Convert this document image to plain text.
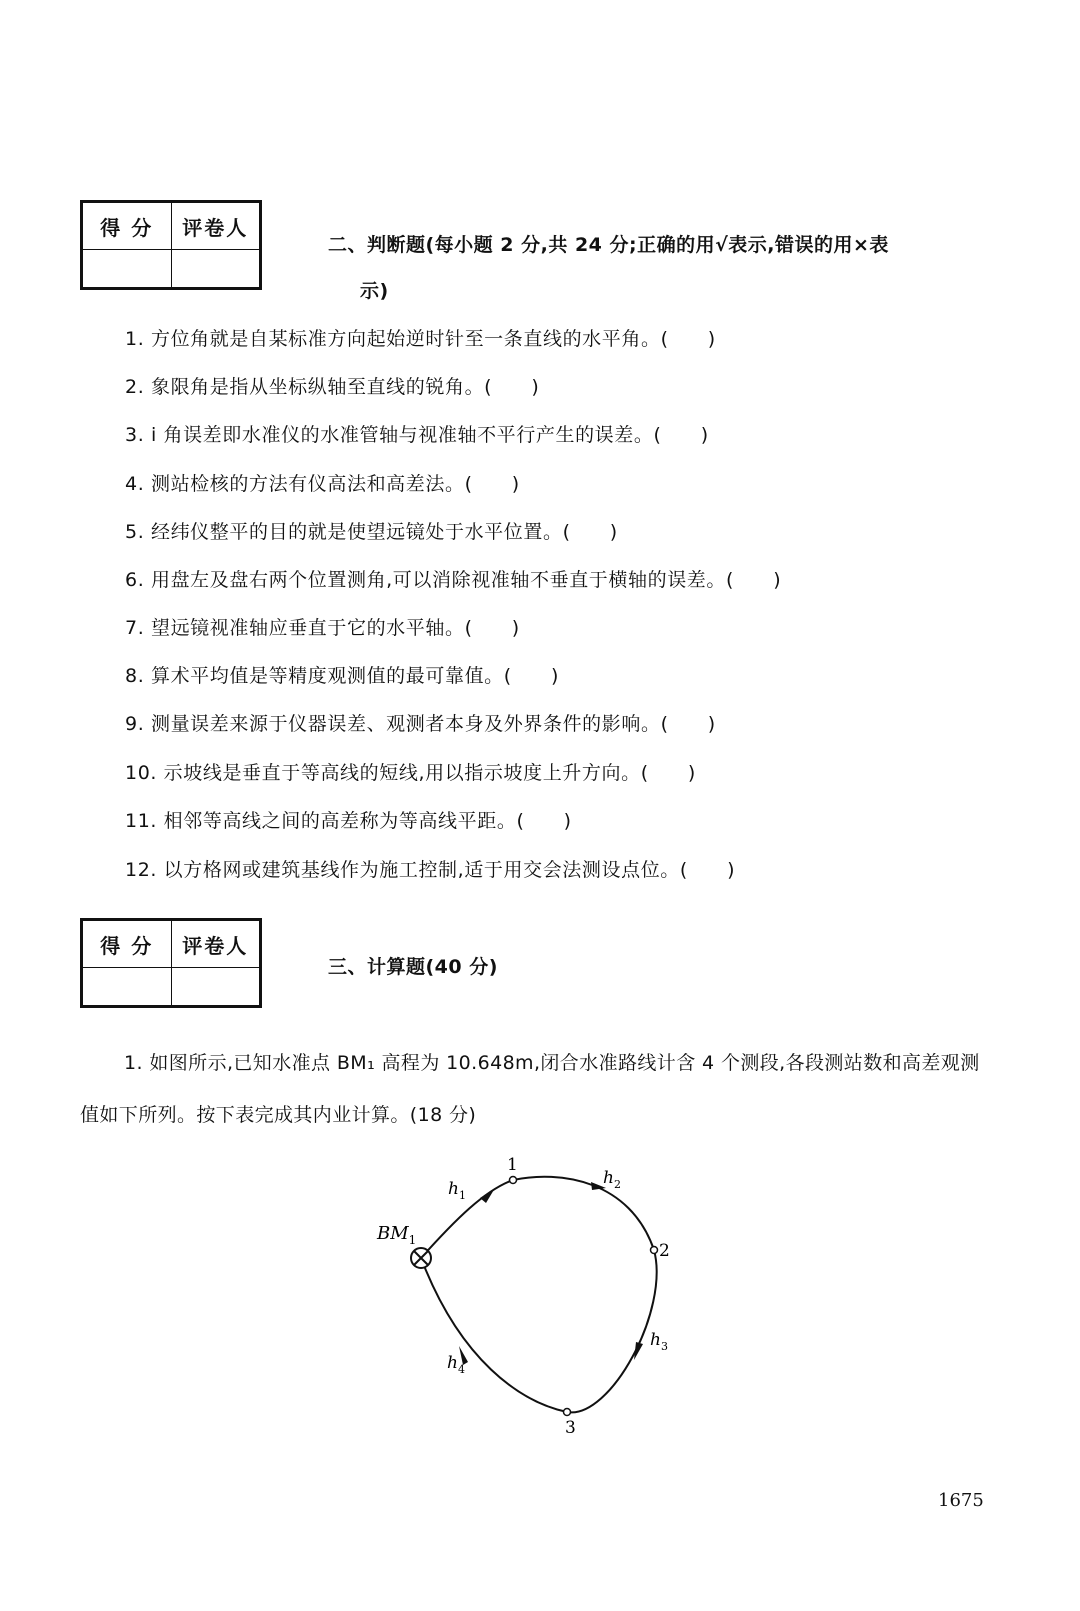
得 分	评卷人

二、判断题(每小题 2 分,共 24 分;正确的用√表示,错误的用×表
示)
1. 方位角就是自某标准方向起始逆时针至一条直线的水平角。(　　)
2. 象限角是指从坐标纵轴至直线的锐角。(　　)
3. i 角误差即水准仪的水准管轴与视准轴不平行产生的误差。(　　)
4. 测站检核的方法有仪高法和高差法。(　　)
5. 经纬仪整平的目的就是使望远镜处于水平位置。(　　)
6. 用盘左及盘右两个位置测角,可以消除视准轴不垂直于横轴的误差。(　　)
7. 望远镜视准轴应垂直于它的水平轴。(　　)
8. 算术平均值是等精度观测值的最可靠值。(　　)
9. 测量误差来源于仪器误差、观测者本身及外界条件的影响。(　　)
10. 示坡线是垂直于等高线的短线,用以指示坡度上升方向。(　　)
11. 相邻等高线之间的高差称为等高线平距。(　　)
12. 以方格网或建筑基线作为施工控制,适于用交会法测设点位。(　　)
得 分	评卷人

三、计算题(40 分)
1. 如图所示,已知水准点 BM₁ 高程为 10.648m,闭合水准路线计含 4 个测段,各段测站数和高差观测值如下所列。按下表完成其内业计算。(18 分)
$BM_1$
1
2
3
$h_1$
$h_2$
$h_3$
$h_4$
1675
